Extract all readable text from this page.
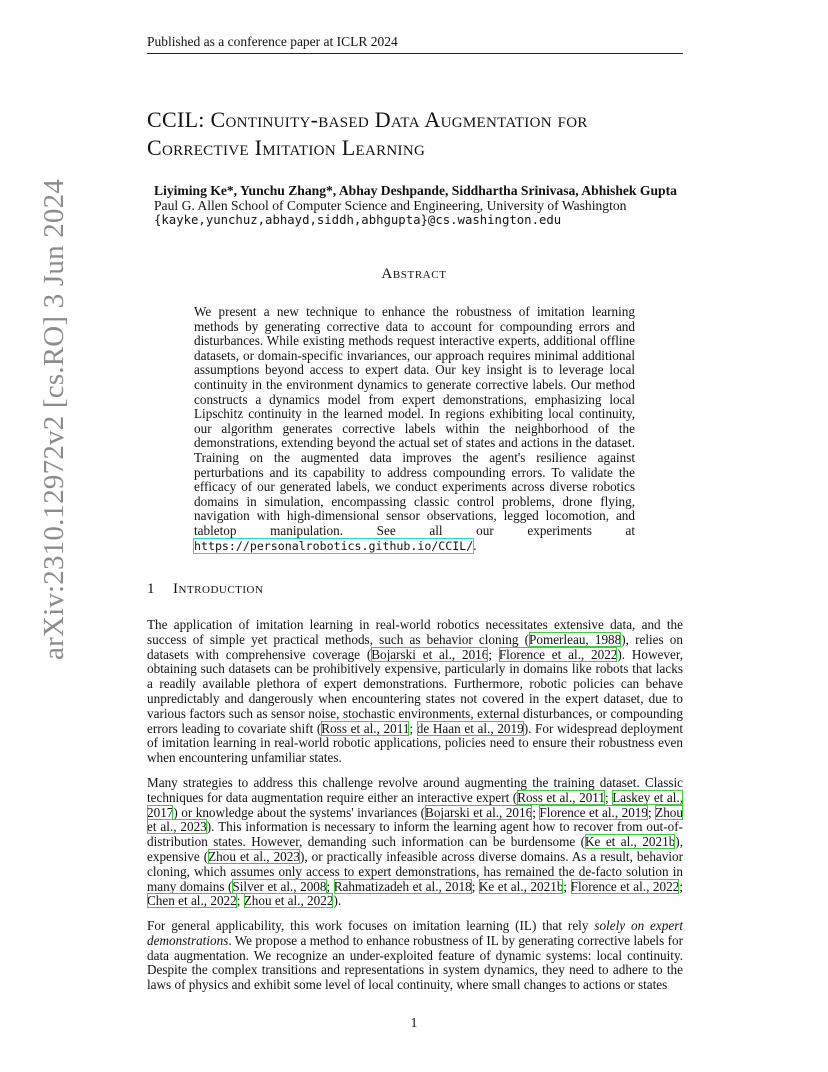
Published as a conference paper at ICLR 2024
arXiv:2310.12972v2 [cs.RO] 3 Jun 2024
CCIL: Continuity-based Data Augmentation for
Corrective Imitation Learning
Liyiming Ke*, Yunchu Zhang*, Abhay Deshpande, Siddhartha Srinivasa, Abhishek Gupta
Paul G. Allen School of Computer Science and Engineering, University of Washington
{kayke,yunchuz,abhayd,siddh,abhgupta}@cs.washington.edu
Abstract
We present a new technique to enhance the robustness of imitation learning methods by generating corrective data to account for compounding errors and disturbances. While existing methods request interactive experts, additional offline datasets, or domain-specific invariances, our approach requires minimal additional assumptions beyond access to expert data. Our key insight is to leverage local continuity in the environment dynamics to generate corrective labels. Our method constructs a dynamics model from expert demonstrations, emphasizing local Lipschitz continuity in the learned model. In regions exhibiting local continuity, our algorithm generates corrective labels within the neighborhood of the demonstrations, extending beyond the actual set of states and actions in the dataset. Training on the augmented data improves the agent's resilience against perturbations and its capability to address compounding errors. To validate the efficacy of our generated labels, we conduct experiments across diverse robotics domains in simulation, encompassing classic control problems, drone flying, navigation with high-dimensional sensor observations, legged locomotion, and tabletop manipulation. See all our experiments at https://personalrobotics.github.io/CCIL/.
1 Introduction
The application of imitation learning in real-world robotics necessitates extensive data, and the success of simple yet practical methods, such as behavior cloning (Pomerleau, 1988), relies on datasets with comprehensive coverage (Bojarski et al., 2016; Florence et al., 2022). However, obtaining such datasets can be prohibitively expensive, particularly in domains like robots that lacks a readily available plethora of expert demonstrations. Furthermore, robotic policies can behave unpredictably and dangerously when encountering states not covered in the expert dataset, due to various factors such as sensor noise, stochastic environments, external disturbances, or compounding errors leading to covariate shift (Ross et al., 2011; de Haan et al., 2019). For widespread deployment of imitation learning in real-world robotic applications, policies need to ensure their robustness even when encountering unfamiliar states.
Many strategies to address this challenge revolve around augmenting the training dataset. Classic techniques for data augmentation require either an interactive expert (Ross et al., 2011; Laskey et al., 2017) or knowledge about the systems' invariances (Bojarski et al., 2016; Florence et al., 2019; Zhou et al., 2023). This information is necessary to inform the learning agent how to recover from out-of-distribution states. However, demanding such information can be burdensome (Ke et al., 2021b), expensive (Zhou et al., 2023), or practically infeasible across diverse domains. As a result, behavior cloning, which assumes only access to expert demonstrations, has remained the de-facto solution in many domains (Silver et al., 2008; Rahmatizadeh et al., 2018; Ke et al., 2021b; Florence et al., 2022; Chen et al., 2022; Zhou et al., 2022).
For general applicability, this work focuses on imitation learning (IL) that rely solely on expert demonstrations. We propose a method to enhance robustness of IL by generating corrective labels for data augmentation. We recognize an under-exploited feature of dynamic systems: local continuity. Despite the complex transitions and representations in system dynamics, they need to adhere to the laws of physics and exhibit some level of local continuity, where small changes to actions or states
1
